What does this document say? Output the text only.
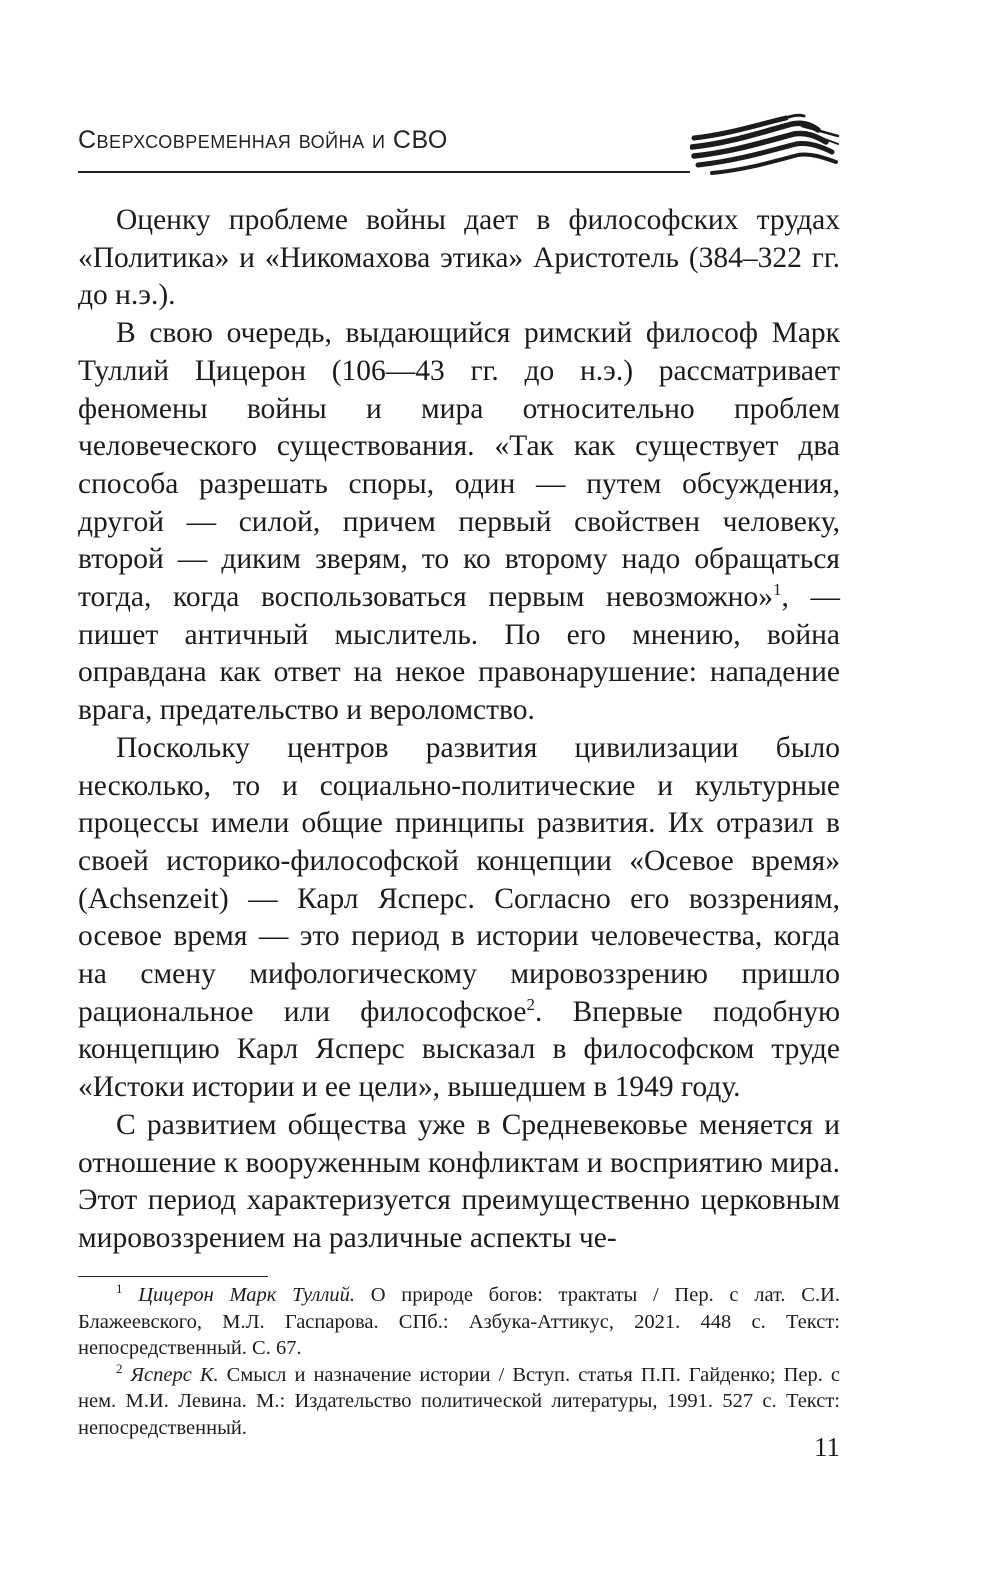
Сверхсовременная война и СВО

Оценку проблеме войны дает в философских трудах «Политика» и «Никомахова этика» Аристотель (384–322 гг. до н.э.).

В свою очередь, выдающийся римский философ Марк Туллий Цицерон (106—43 гг. до н.э.) рассматривает феномены войны и мира относительно проблем человеческого существования. «Так как существует два способа разрешать споры, один — путем обсуждения, другой — силой, причем первый свойствен человеку, второй — диким зверям, то ко второму надо обращаться тогда, когда воспользоваться первым невозможно»$^1$, — пишет античный мыслитель. По его мнению, война оправдана как ответ на некое правонарушение: нападение врага, предательство и вероломство.

Поскольку центров развития цивилизации было несколько, то и социально-политические и культурные процессы имели общие принципы развития. Их отразил в своей историко-философской концепции «Осевое время» (Achsenzeit) — Карл Ясперс. Согласно его воззрениям, осевое время — это период в истории человечества, когда на смену мифологическому мировоззрению пришло рациональное или философское$^2$. Впервые подобную концепцию Карл Ясперс высказал в философском труде «Истоки истории и ее цели», вышедшем в 1949 году.

С развитием общества уже в Средневековье меняется и отношение к вооруженным конфликтам и восприятию мира. Этот период характеризуется преимущественно церковным мировоззрением на различные аспекты че-

$^1$ Цицерон Марк Туллий. О природе богов: трактаты / Пер. с лат. С.И. Блажеевского, М.Л. Гаспарова. СПб.: Азбука-Аттикус, 2021. 448 с. Текст: непосредственный. С. 67.

$^2$ Ясперс К. Смысл и назначение истории / Вступ. статья П.П. Гайденко; Пер. с нем. М.И. Левина. М.: Издательство политической литературы, 1991. 527 с. Текст: непосредственный.

11
